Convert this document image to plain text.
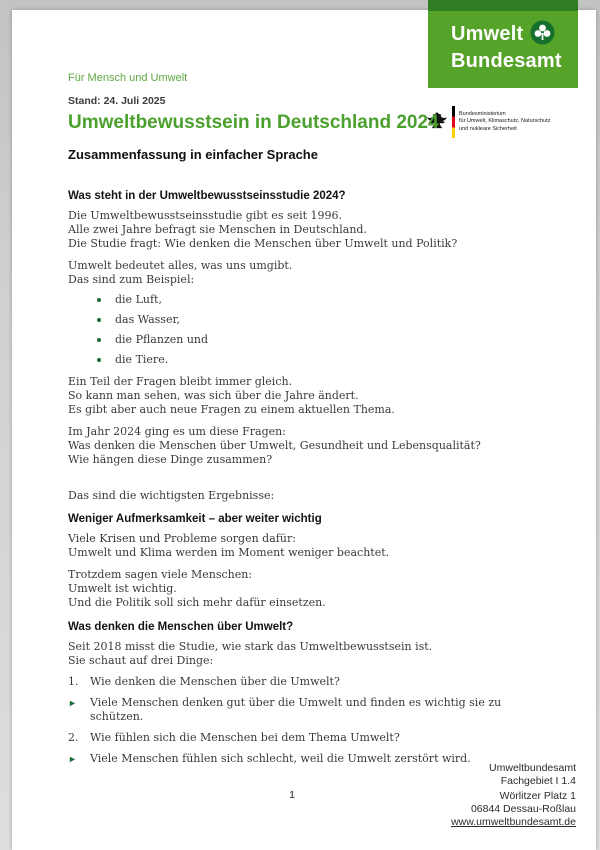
Umwelt
Bundesamt
Bundesministerium
für Umwelt, Klimaschutz, Naturschutz
und nukleare Sicherheit
Für Mensch und Umwelt
Stand: 24. Juli 2025
Umweltbewusstsein in Deutschland 2024
Zusammenfassung in einfacher Sprache
Was steht in der Umweltbewusstseinsstudie 2024?
Die Umweltbewusstseinsstudie gibt es seit 1996.
Alle zwei Jahre befragt sie Menschen in Deutschland.
Die Studie fragt: Wie denken die Menschen über Umwelt und Politik?
Umwelt bedeutet alles, was uns umgibt.
Das sind zum Beispiel:
die Luft,
das Wasser,
die Pflanzen und
die Tiere.
Ein Teil der Fragen bleibt immer gleich.
So kann man sehen, was sich über die Jahre ändert.
Es gibt aber auch neue Fragen zu einem aktuellen Thema.
Im Jahr 2024 ging es um diese Fragen:
Was denken die Menschen über Umwelt, Gesundheit und Lebensqualität?
Wie hängen diese Dinge zusammen?
Das sind die wichtigsten Ergebnisse:
Weniger Aufmerksamkeit – aber weiter wichtig
Viele Krisen und Probleme sorgen dafür:
Umwelt und Klima werden im Moment weniger beachtet.
Trotzdem sagen viele Menschen:
Umwelt ist wichtig.
Und die Politik soll sich mehr dafür einsetzen.
Was denken die Menschen über Umwelt?
Seit 2018 misst die Studie, wie stark das Umweltbewusstsein ist.
Sie schaut auf drei Dinge:
1.	Wie denken die Menschen über die Umwelt?
►	Viele Menschen denken gut über die Umwelt und finden es wichtig sie zu schützen.
2.	Wie fühlen sich die Menschen bei dem Thema Umwelt?
►	Viele Menschen fühlen sich schlecht, weil die Umwelt zerstört wird.
1
Umweltbundesamt
Fachgebiet I 1.4
Wörlitzer Platz 1
06844 Dessau-Roßlau
www.umweltbundesamt.de
